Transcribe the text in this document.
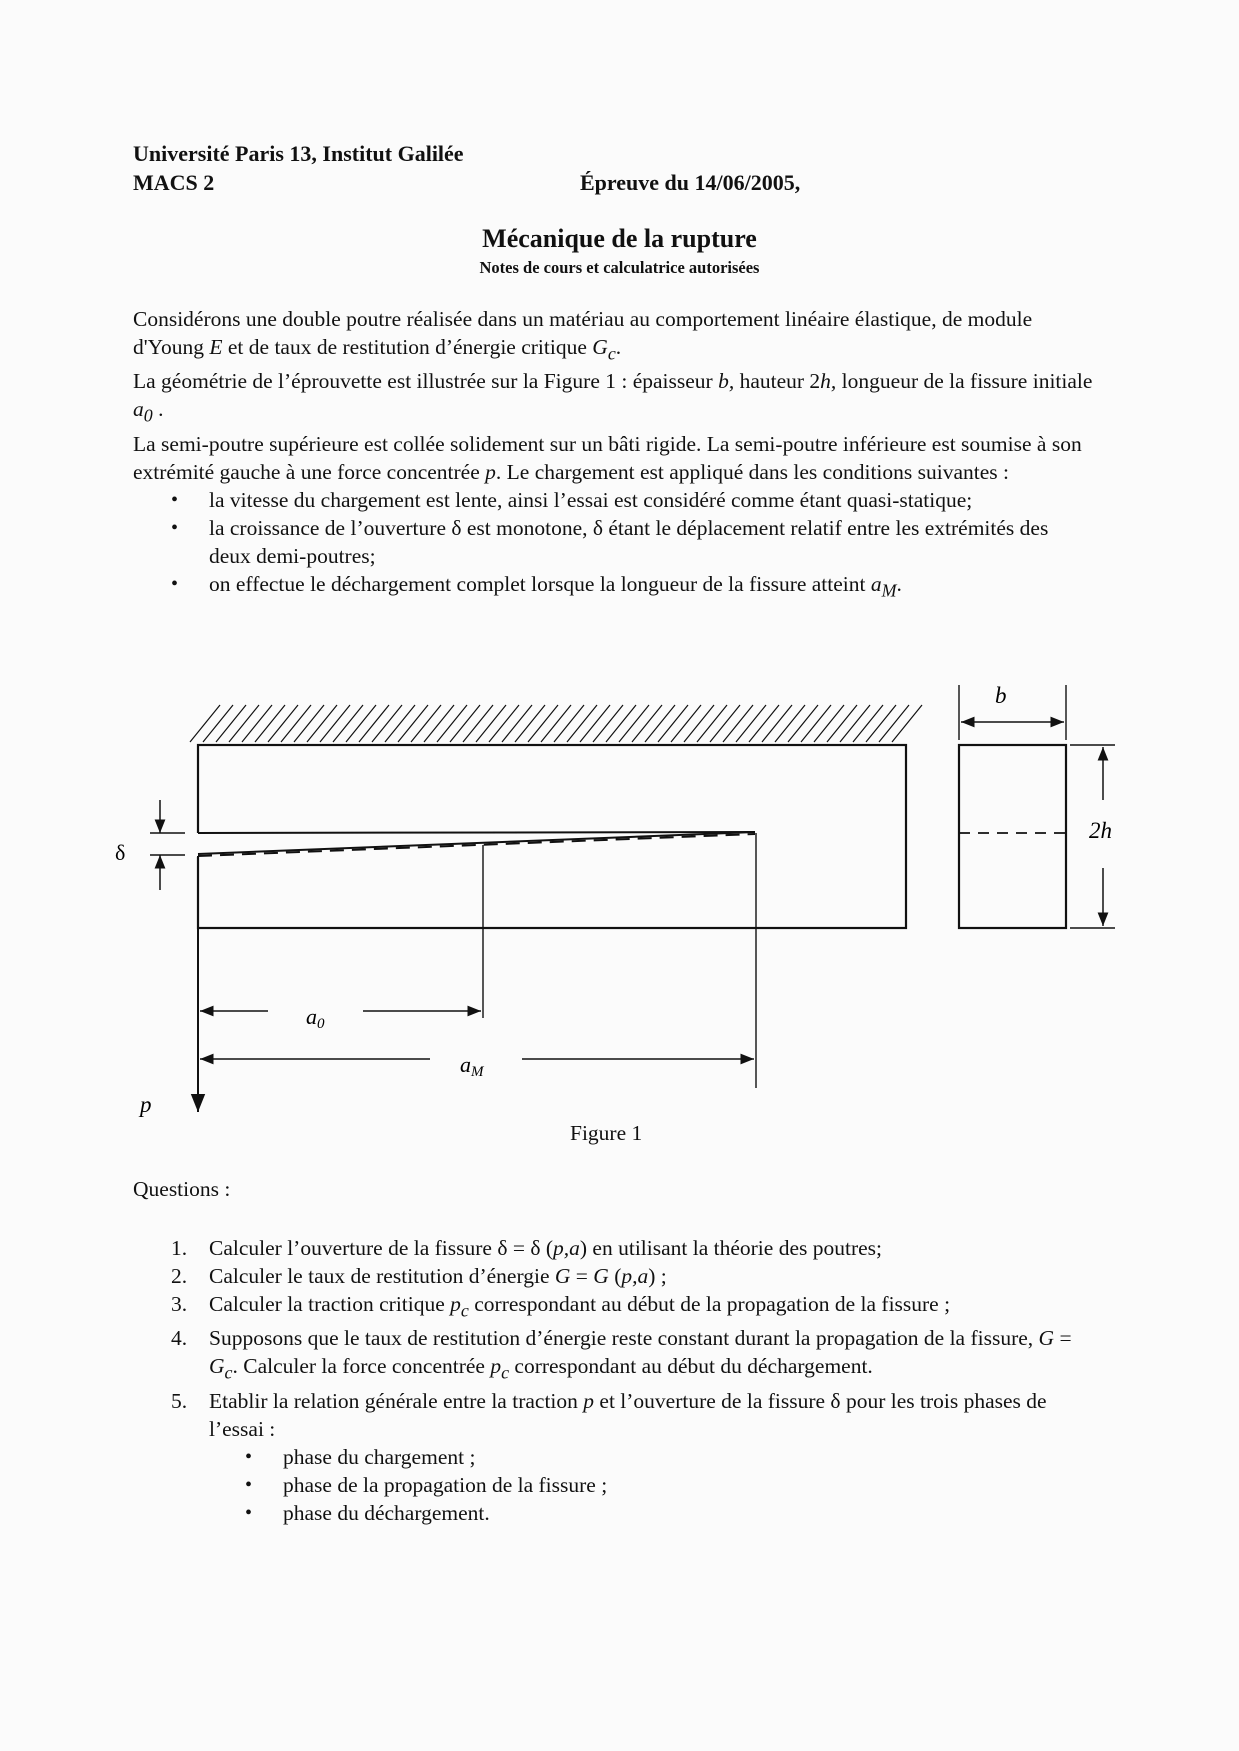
Université Paris 13, Institut Galilée
MACS 2	Épreuve du 14/06/2005,
Mécanique de la rupture
Notes de cours et calculatrice autorisées

Considérons une double poutre réalisée dans un matériau au comportement linéaire élastique, de module d'Young E et de taux de restitution d’énergie critique $G_c$.

La géométrie de l’éprouvette est illustrée sur la Figure 1 : épaisseur b, hauteur 2h, longueur de la fissure initiale $a_0$ .

La semi-poutre supérieure est collée solidement sur un bâti rigide. La semi-poutre inférieure est soumise à son extrémité gauche à une force concentrée p. Le chargement est appliqué dans les conditions suivantes :

• la vitesse du chargement est lente, ainsi l’essai est considéré comme étant quasi-statique;
• la croissance de l’ouverture δ est monotone, δ étant le déplacement relatif entre les extrémités des deux demi-poutres;
• on effectue le déchargement complet lorsque la longueur de la fissure atteint $a_M$.
δ
a0
aM
p
b
2h
Figure 1
Questions :
1. Calculer l’ouverture de la fissure δ = δ (p,a) en utilisant la théorie des poutres;
2. Calculer le taux de restitution d’énergie G = G (p,a) ;
3. Calculer la traction critique $p_c$ correspondant au début de la propagation de la fissure ;
4. Supposons que le taux de restitution d’énergie reste constant durant la propagation de la fissure, $G = G_c$. Calculer la force concentrée $p_c$ correspondant au début du déchargement.
5. Etablir la relation générale entre la traction p et l’ouverture de la fissure δ pour les trois phases de l’essai :
• phase du chargement ;
• phase de la propagation de la fissure ;
• phase du déchargement.
